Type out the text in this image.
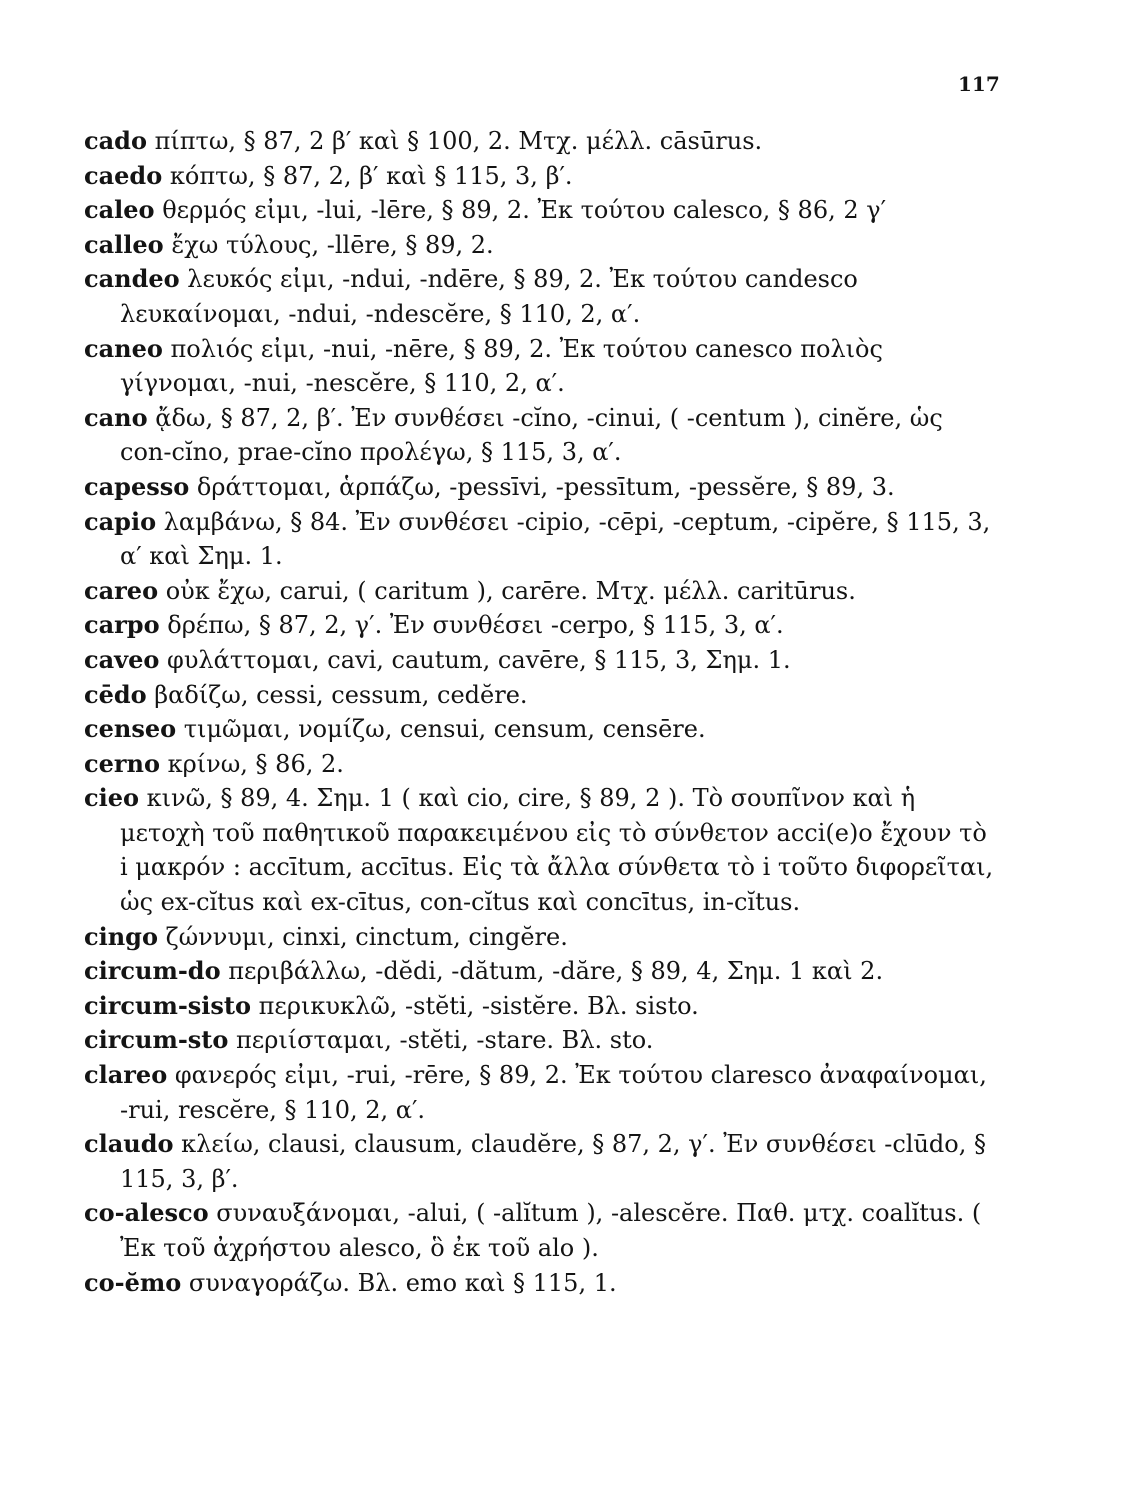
117
cado πίπτω, § 87, 2 β′ καὶ § 100, 2. Μτχ. μέλλ. cāsūrus.
caedo κόπτω, § 87, 2, β′ καὶ § 115, 3, β′.
caleo θερμός εἰμι, -lui, -lēre, § 89, 2. Ἐκ τούτου calesco, § 86, 2 γ′
calleo ἔχω τύλους, -llēre, § 89, 2.
candeo λευκός εἰμι, -ndui, -ndēre, § 89, 2. Ἐκ τούτου candesco λευκαίνομαι, -ndui, -ndescĕre, § 110, 2, α′.
caneo πολιός εἰμι, -nui, -nēre, § 89, 2. Ἐκ τούτου canesco πολιὸς γίγνομαι, -nui, -nescĕre, § 110, 2, α′.
cano ᾄδω, § 87, 2, β′. Ἐν συνθέσει -cĭno, -cinui, ( -centum ), cinĕre, ὡς con-cĭno, prae-cĭno προλέγω, § 115, 3, α′.
capesso δράττομαι, ἁρπάζω, -pessīvi, -pessītum, -pessĕre, § 89, 3.
capio λαμβάνω, § 84. Ἐν συνθέσει -cipio, -cēpi, -ceptum, -cipĕre, § 115, 3, α′ καὶ Σημ. 1.
careo οὐκ ἔχω, carui, ( caritum ), carēre. Μτχ. μέλλ. caritūrus.
carpo δρέπω, § 87, 2, γ′. Ἐν συνθέσει -cerpo, § 115, 3, α′.
caveo φυλάττομαι, cavi, cautum, cavēre, § 115, 3, Σημ. 1.
cēdo βαδίζω, cessi, cessum, cedĕre.
censeo τιμῶμαι, νομίζω, censui, censum, censēre.
cerno κρίνω, § 86, 2.
cieo κινῶ, § 89, 4. Σημ. 1 ( καὶ cio, cire, § 89, 2 ). Τὸ σουπῖνον καὶ ἡ μετοχὴ τοῦ παθητικοῦ παρακειμένου εἰς τὸ σύνθετον acci(e)o ἔχουν τὸ i μακρόν : accītum, accītus. Εἰς τὰ ἄλλα σύνθετα τὸ i τοῦτο διφορεῖται, ὡς ex-cĭtus καὶ ex-cītus, con-cĭtus καὶ concītus, in-cĭtus.
cingo ζώννυμι, cinxi, cinctum, cingĕre.
circum-do περιβάλλω, -dĕdi, -dătum, -dăre, § 89, 4, Σημ. 1 καὶ 2.
circum-sisto περικυκλῶ, -stĕti, -sistĕre. Βλ. sisto.
circum-sto περιίσταμαι, -stĕti, -stare. Βλ. sto.
clareo φανερός εἰμι, -rui, -rēre, § 89, 2. Ἐκ τούτου claresco ἀναφαίνομαι, -rui, rescĕre, § 110, 2, α′.
claudo κλείω, clausi, clausum, claudĕre, § 87, 2, γ′. Ἐν συνθέσει -clūdo, § 115, 3, β′.
co-alesco συναυξάνομαι, -alui, ( -alĭtum ), -alescĕre. Παθ. μτχ. coalĭtus. ( Ἐκ τοῦ ἀχρήστου alesco, ὃ ἐκ τοῦ alo ).
co-ĕmo συναγοράζω. Βλ. emo καὶ § 115, 1.
